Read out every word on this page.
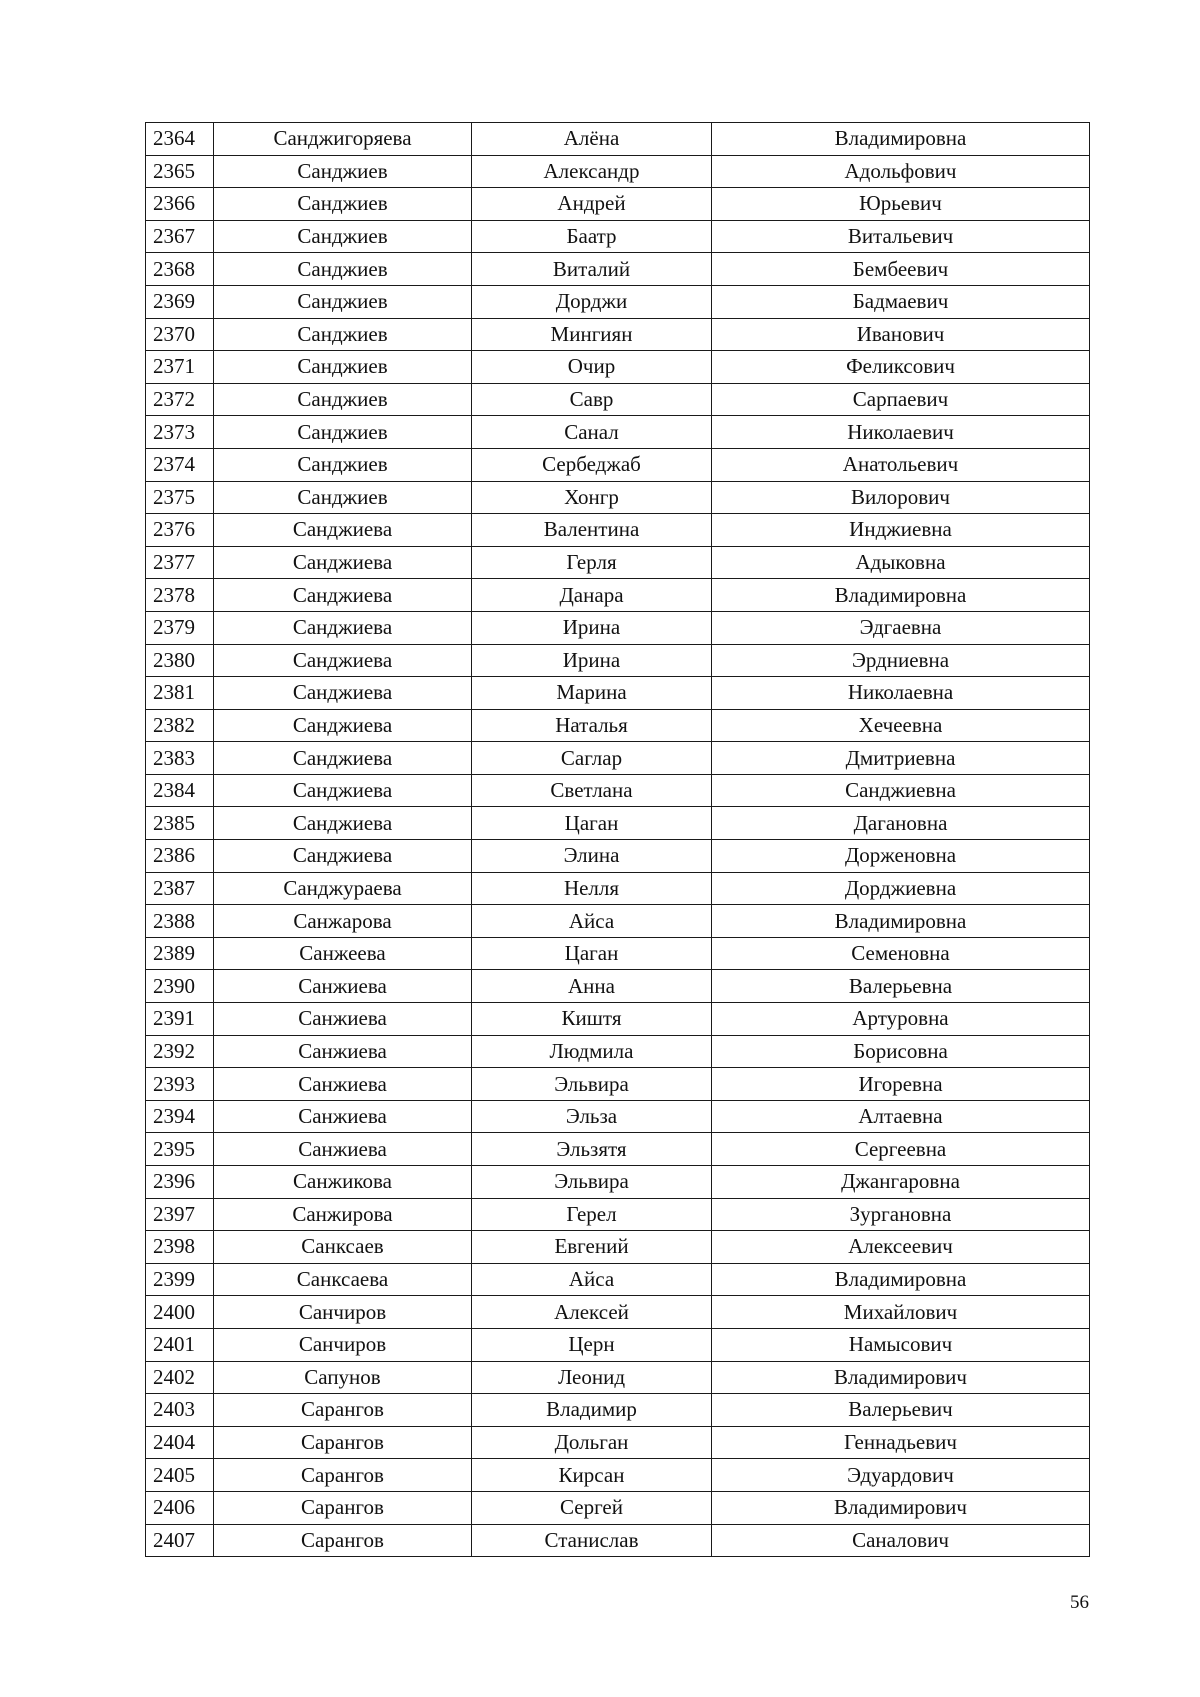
2364	Санджигоряева	Алёна	Владимировна
2365	Санджиев	Александр	Адольфович
2366	Санджиев	Андрей	Юрьевич
2367	Санджиев	Баатр	Витальевич
2368	Санджиев	Виталий	Бембеевич
2369	Санджиев	Дорджи	Бадмаевич
2370	Санджиев	Мингиян	Иванович
2371	Санджиев	Очир	Феликсович
2372	Санджиев	Савр	Сарпаевич
2373	Санджиев	Санал	Николаевич
2374	Санджиев	Сербеджаб	Анатольевич
2375	Санджиев	Хонгр	Вилорович
2376	Санджиева	Валентина	Инджиевна
2377	Санджиева	Герля	Адыковна
2378	Санджиева	Данара	Владимировна
2379	Санджиева	Ирина	Эдгаевна
2380	Санджиева	Ирина	Эрдниевна
2381	Санджиева	Марина	Николаевна
2382	Санджиева	Наталья	Хечеевна
2383	Санджиева	Саглар	Дмитриевна
2384	Санджиева	Светлана	Санджиевна
2385	Санджиева	Цаган	Дагановна
2386	Санджиева	Элина	Дорженовна
2387	Санджураева	Нелля	Дорджиевна
2388	Санжарова	Айса	Владимировна
2389	Санжеева	Цаган	Семеновна
2390	Санжиева	Анна	Валерьевна
2391	Санжиева	Киштя	Артуровна
2392	Санжиева	Людмила	Борисовна
2393	Санжиева	Эльвира	Игоревна
2394	Санжиева	Эльза	Алтаевна
2395	Санжиева	Эльзятя	Сергеевна
2396	Санжикова	Эльвира	Джангаровна
2397	Санжирова	Герел	Зургановна
2398	Санксаев	Евгений	Алексеевич
2399	Санксаева	Айса	Владимировна
2400	Санчиров	Алексей	Михайлович
2401	Санчиров	Церн	Намысович
2402	Сапунов	Леонид	Владимирович
2403	Сарангов	Владимир	Валерьевич
2404	Сарангов	Дольган	Геннадьевич
2405	Сарангов	Кирсан	Эдуардович
2406	Сарангов	Сергей	Владимирович
2407	Сарангов	Станислав	Саналович
56
